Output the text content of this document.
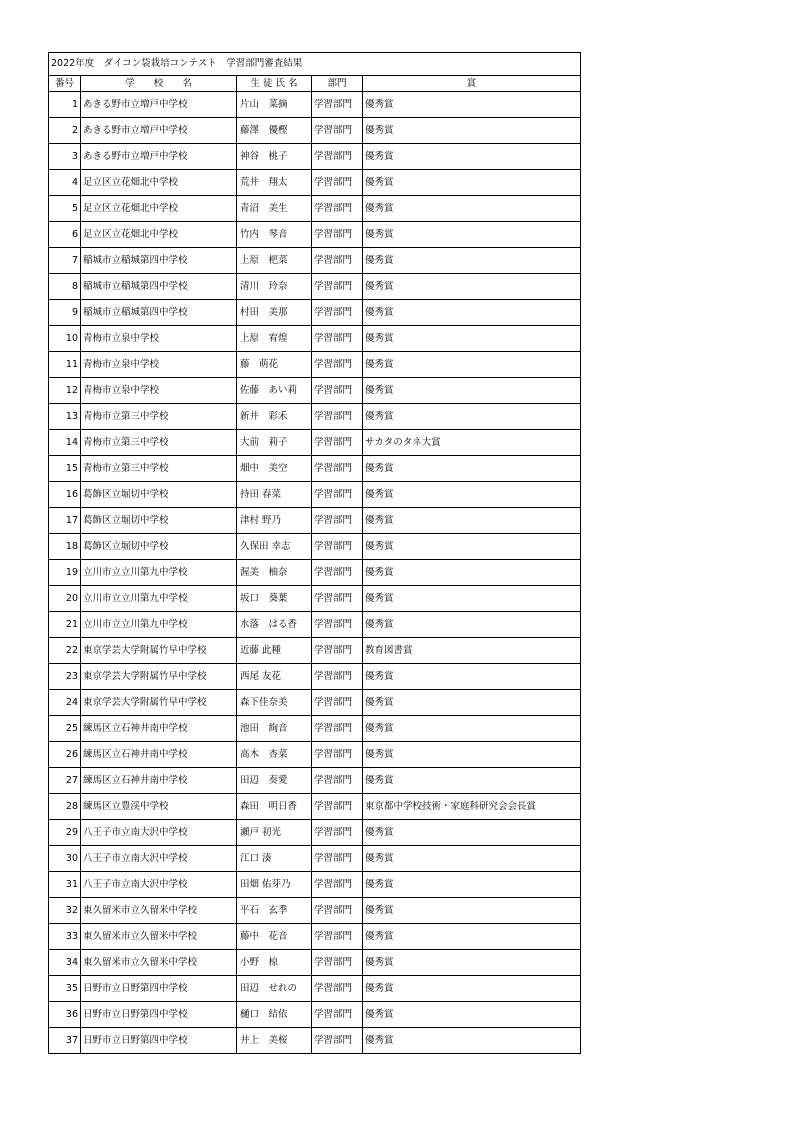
2022年度　ダイコン袋栽培コンテスト　学習部門審査結果				
番号	学　　校　　名	生 徒 氏 名	部門	賞
1	あきる野市立増戸中学校	片山　菜摘	学習部門	優秀賞
2	あきる野市立増戸中学校	藤澤　優樫	学習部門	優秀賞
3	あきる野市立増戸中学校	神谷　桃子	学習部門	優秀賞
4	足立区立花畑北中学校	荒井　翔太	学習部門	優秀賞
5	足立区立花畑北中学校	青沼　美生	学習部門	優秀賞
6	足立区立花畑北中学校	竹内　琴音	学習部門	優秀賞
7	稲城市立稲城第四中学校	上原　杷菜	学習部門	優秀賞
8	稲城市立稲城第四中学校	清川　玲奈	学習部門	優秀賞
9	稲城市立稲城第四中学校	村田　美那	学習部門	優秀賞
10	青梅市立泉中学校	上原　宥煌	学習部門	優秀賞
11	青梅市立泉中学校	藤　萌花	学習部門	優秀賞
12	青梅市立泉中学校	佐藤　あい莉	学習部門	優秀賞
13	青梅市立第三中学校	新井　彩禾	学習部門	優秀賞
14	青梅市立第三中学校	大前　莉子	学習部門	サカタのタネ大賞
15	青梅市立第三中学校	畑中　美空	学習部門	優秀賞
16	葛飾区立堀切中学校	持田 春菜	学習部門	優秀賞
17	葛飾区立堀切中学校	津村 野乃	学習部門	優秀賞
18	葛飾区立堀切中学校	久保田 幸志	学習部門	優秀賞
19	立川市立立川第九中学校	渥美　柚奈	学習部門	優秀賞
20	立川市立立川第九中学校	坂口　葵葉	学習部門	優秀賞
21	立川市立立川第九中学校	水落　はる香	学習部門	優秀賞
22	東京学芸大学附属竹早中学校	近藤 此種	学習部門	教育図書賞
23	東京学芸大学附属竹早中学校	西尾 友花	学習部門	優秀賞
24	東京学芸大学附属竹早中学校	森下佳奈美	学習部門	優秀賞
25	練馬区立石神井南中学校	池田　絢音	学習部門	優秀賞
26	練馬区立石神井南中学校	高木　杏菜	学習部門	優秀賞
27	練馬区立石神井南中学校	田辺　奏愛	学習部門	優秀賞
28	練馬区立豊渓中学校	森田　明日香	学習部門	東京都中学校技術・家庭科研究会会長賞
29	八王子市立南大沢中学校	瀬戸 初光	学習部門	優秀賞
30	八王子市立南大沢中学校	江口 湊	学習部門	優秀賞
31	八王子市立南大沢中学校	田畑 佑芽乃	学習部門	優秀賞
32	東久留米市立久留米中学校	平石　玄季	学習部門	優秀賞
33	東久留米市立久留米中学校	藤中　花音	学習部門	優秀賞
34	東久留米市立久留米中学校	小野　椋	学習部門	優秀賞
35	日野市立日野第四中学校	田辺　せれの	学習部門	優秀賞
36	日野市立日野第四中学校	樋口　結依	学習部門	優秀賞
37	日野市立日野第四中学校	井上　美桜	学習部門	優秀賞
